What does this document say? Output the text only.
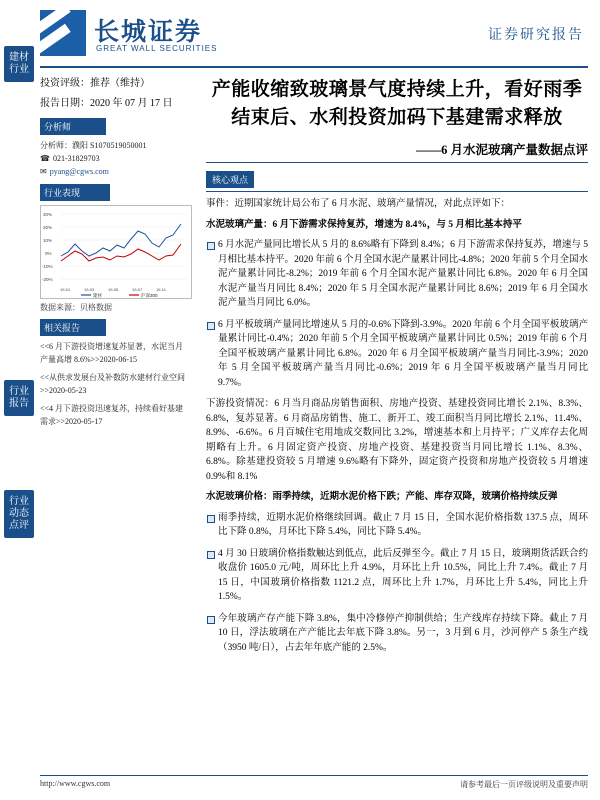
建材行业
行业报告
行业动态点评
长城证券
GREAT WALL SECURITIES
证券研究报告
投资评级：推荐（维持）
报告日期：2020 年 07 月 17 日
分析师
分析师：濮阳 S1070519050001
☎ 021-31829703
✉ pyang@cgws.com
行业表现
30%
20%
10%
0%
-10%
-20%
19-01	19-03	19-05	19-07	19-11
建材	沪深300
数据来源：贝格数据
相关报告
<<6 月下游投资增速复苏显著，水泥当月产量高增 8.6%>>2020-06-15
<<从供求发展台及补数防水建材行业空间>>2020-05-23
<<4 月下游投资迅速复苏，持续看好基建需求>>2020-05-17
产能收缩致玻璃景气度持续上升，看好雨季结束后、水利投资加码下基建需求释放
——6 月水泥玻璃产量数据点评
核心观点

事件：近期国家统计局公布了 6 月水泥、玻璃产量情况，对此点评如下：

水泥玻璃产量：6 月下游需求保持复苏，增速为 8.4%，与 5 月相比基本持平

6 月水泥产量同比增长从 5 月的 8.6%略有下降到 8.4%；6 月下游需求保持复苏，增速与 5 月相比基本持平。2020 年前 6 个月全国水泥产量累计同比-4.8%；2020 年前 5 个月全国水泥产量累计同比-8.2%；2019 年前 6 个月全国水泥产量累计同比 6.8%。2020 年 6 月全国水泥产量当月同比 8.4%；2020 年 5 月全国水泥产量累计同比 8.6%；2019 年 6 月全国水泥产量当月同比 6.0%。
6 月平板玻璃产量同比增速从 5 月的-0.6%下降到-3.9%。2020 年前 6 个月全国平板玻璃产量累计同比-0.4%；2020 年前 5 个月全国平板玻璃产量累计同比 0.5%；2019 年前 6 个月全国平板玻璃产量累计同比 6.8%。2020 年 6 月全国平板玻璃产量当月同比-3.9%；2020 年 5 月全国平板玻璃产量当月同比-0.6%；2019 年 6 月全国平板玻璃产量当月同比 9.7%。

下游投资情况：6 月当月商品房销售面积、房地产投资、基建投资同比增长 2.1%、8.3%、6.8%，复苏显著。6 月商品房销售、施工、新开工、竣工面积当月同比增长 2.1%、11.4%、8.9%、-6.6%。6 月百城住宅用地成交数同比 3.2%，增速基本和上月持平；广义库存去化周期略有上升。6 月固定资产投资、房地产投资、基建投资当月同比增长 1.1%、8.3%、6.8%。除基建投资较 5 月增速 9.6%略有下降外，固定资产投资和房地产投资较 5 月增速 0.9%和 8.1%

水泥玻璃价格：雨季持续，近期水泥价格下跌；产能、库存双降，玻璃价格持续反弹

雨季持续，近期水泥价格继续回调。截止 7 月 15 日，全国水泥价格指数 137.5 点，周环比下降 0.8%，月环比下降 5.4%，同比下降 5.4%。
4 月 30 日玻璃价格指数触达到低点，此后反弹至今。截止 7 月 15 日，玻璃期货活跃合约收盘价 1605.0 元/吨，周环比上升 4.9%，月环比上升 10.5%，同比上升 7.4%。截止 7 月 15 日，中国玻璃价格指数 1121.2 点，周环比上升 1.7%，月环比上升 5.4%，同比上升 1.5%。
今年玻璃产存产能下降 3.8%，集中冷修停产抑制供给；生产线库存持续下降。截止 7 月 10 日，浮法玻璃在产产能比去年底下降 3.8%。另一，3 月到 6 月，沙河停产 5 条生产线（3950 吨/日），占去年年底产能的 2.5%。
http://www.cgws.com	请参考最后一页评级说明及重要声明
